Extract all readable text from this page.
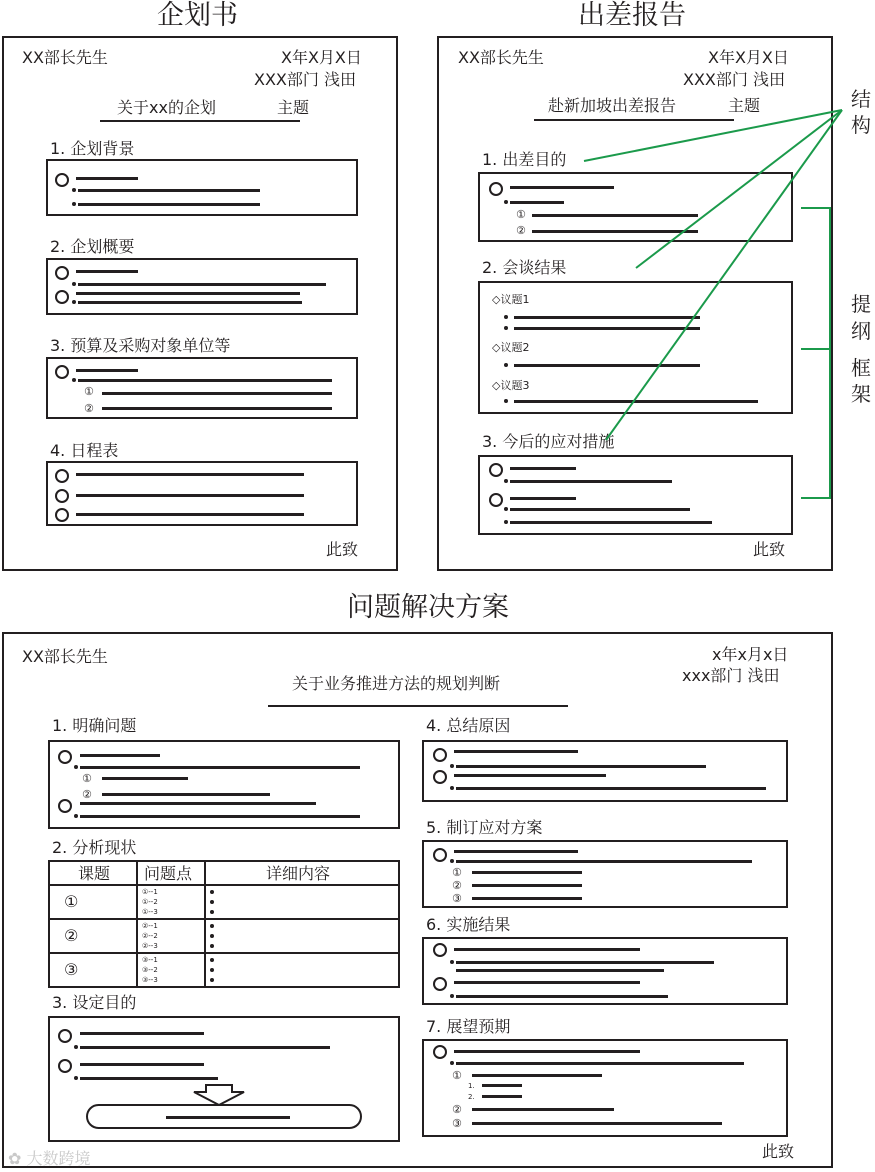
企划书	出差报告
问题解决方案
XX部长先生	X年X月X日
XXX部门 浅田
关于xx的企划	主题
1. 企划背景
2. 企划概要
3. 预算及采购对象单位等
①
②
4. 日程表
此致
XX部长先生	X年X月X日
XXX部门 浅田
赴新加坡出差报告	主题
1. 出差目的
①
②
2. 会谈结果
◇议题1
◇议题2
◇议题3
3. 今后的应对措施
此致
结
构
提
纲
框
架
XX部长先生	x年x月x日
xxx部门 浅田
关于业务推进方法的规划判断
1. 明确问题
①
②
2. 分析现状
课题	问题点	详细内容

①	①--1
①--2
①--3	

②	②--1
②--2
②--3	

③	③--1
③--2
③--3	

3. 设定目的
4. 总结原因
5. 制订应对方案
①
②
③
6. 实施结果
7. 展望预期
①
1.
2.
②
③
此致
✿ 大数跨境
